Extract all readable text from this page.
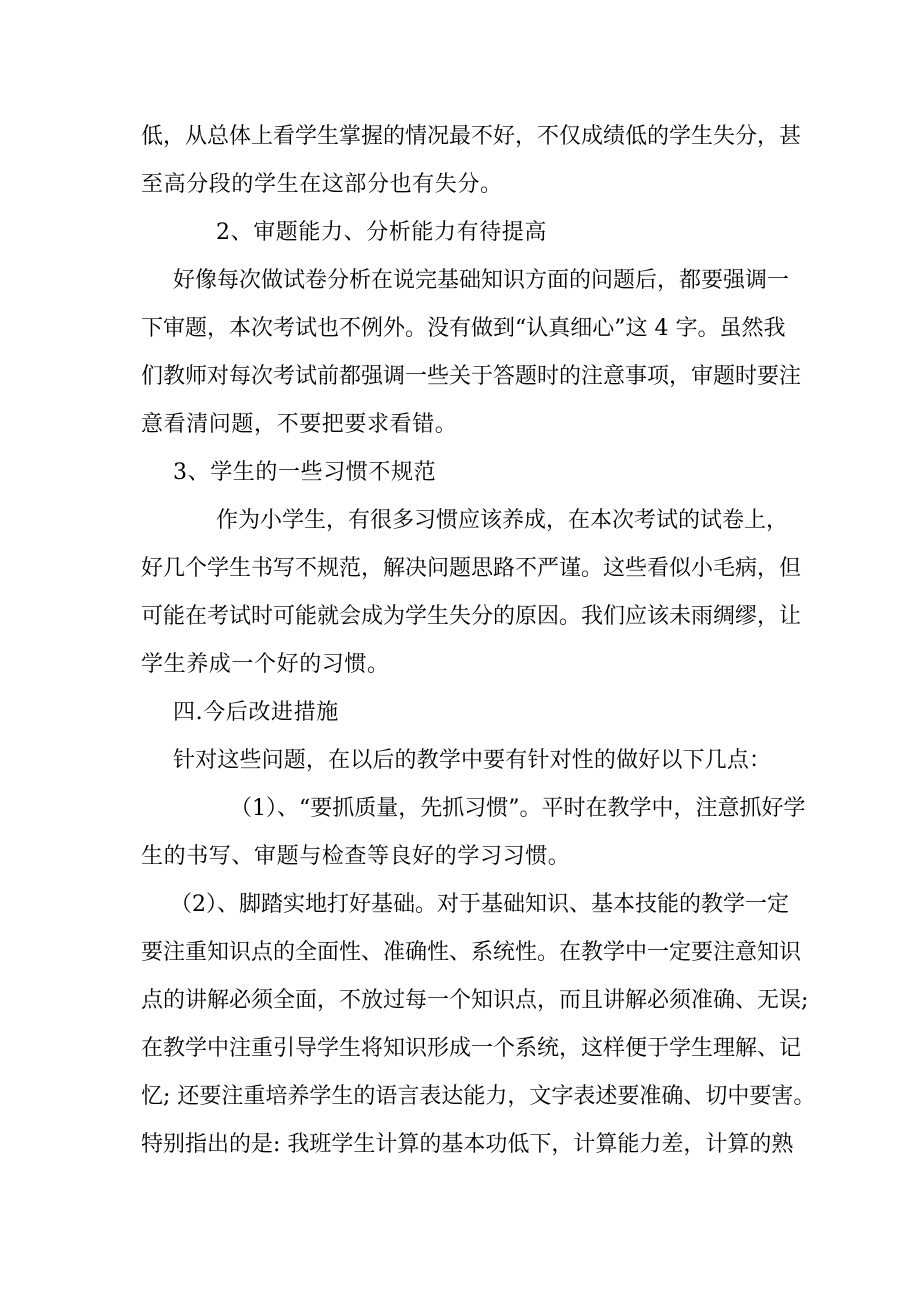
低，从总体上看学生掌握的情况最不好，不仅成绩低的学生失分，甚
至高分段的学生在这部分也有失分。
2、审题能力、分析能力有待提高
好像每次做试卷分析在说完基础知识方面的问题后，都要强调一
下审题，本次考试也不例外。没有做到“认真细心”这 4 字。虽然我
们教师对每次考试前都强调一些关于答题时的注意事项，审题时要注
意看清问题，不要把要求看错。
3、学生的一些习惯不规范
作为小学生，有很多习惯应该养成，在本次考试的试卷上，
好几个学生书写不规范，解决问题思路不严谨。这些看似小毛病，但
可能在考试时可能就会成为学生失分的原因。我们应该未雨绸缪，让
学生养成一个好的习惯。
四.今后改进措施
针对这些问题，在以后的教学中要有针对性的做好以下几点：
（1）、“要抓质量，先抓习惯”。平时在教学中，注意抓好学
生的书写、审题与检查等良好的学习习惯。
（2）、脚踏实地打好基础。对于基础知识、基本技能的教学一定
要注重知识点的全面性、准确性、系统性。在教学中一定要注意知识
点的讲解必须全面，不放过每一个知识点，而且讲解必须准确、无误;
在教学中注重引导学生将知识形成一个系统，这样便于学生理解、记
忆; 还要注重培养学生的语言表达能力，文字表述要准确、切中要害。
特别指出的是: 我班学生计算的基本功低下，计算能力差，计算的熟
